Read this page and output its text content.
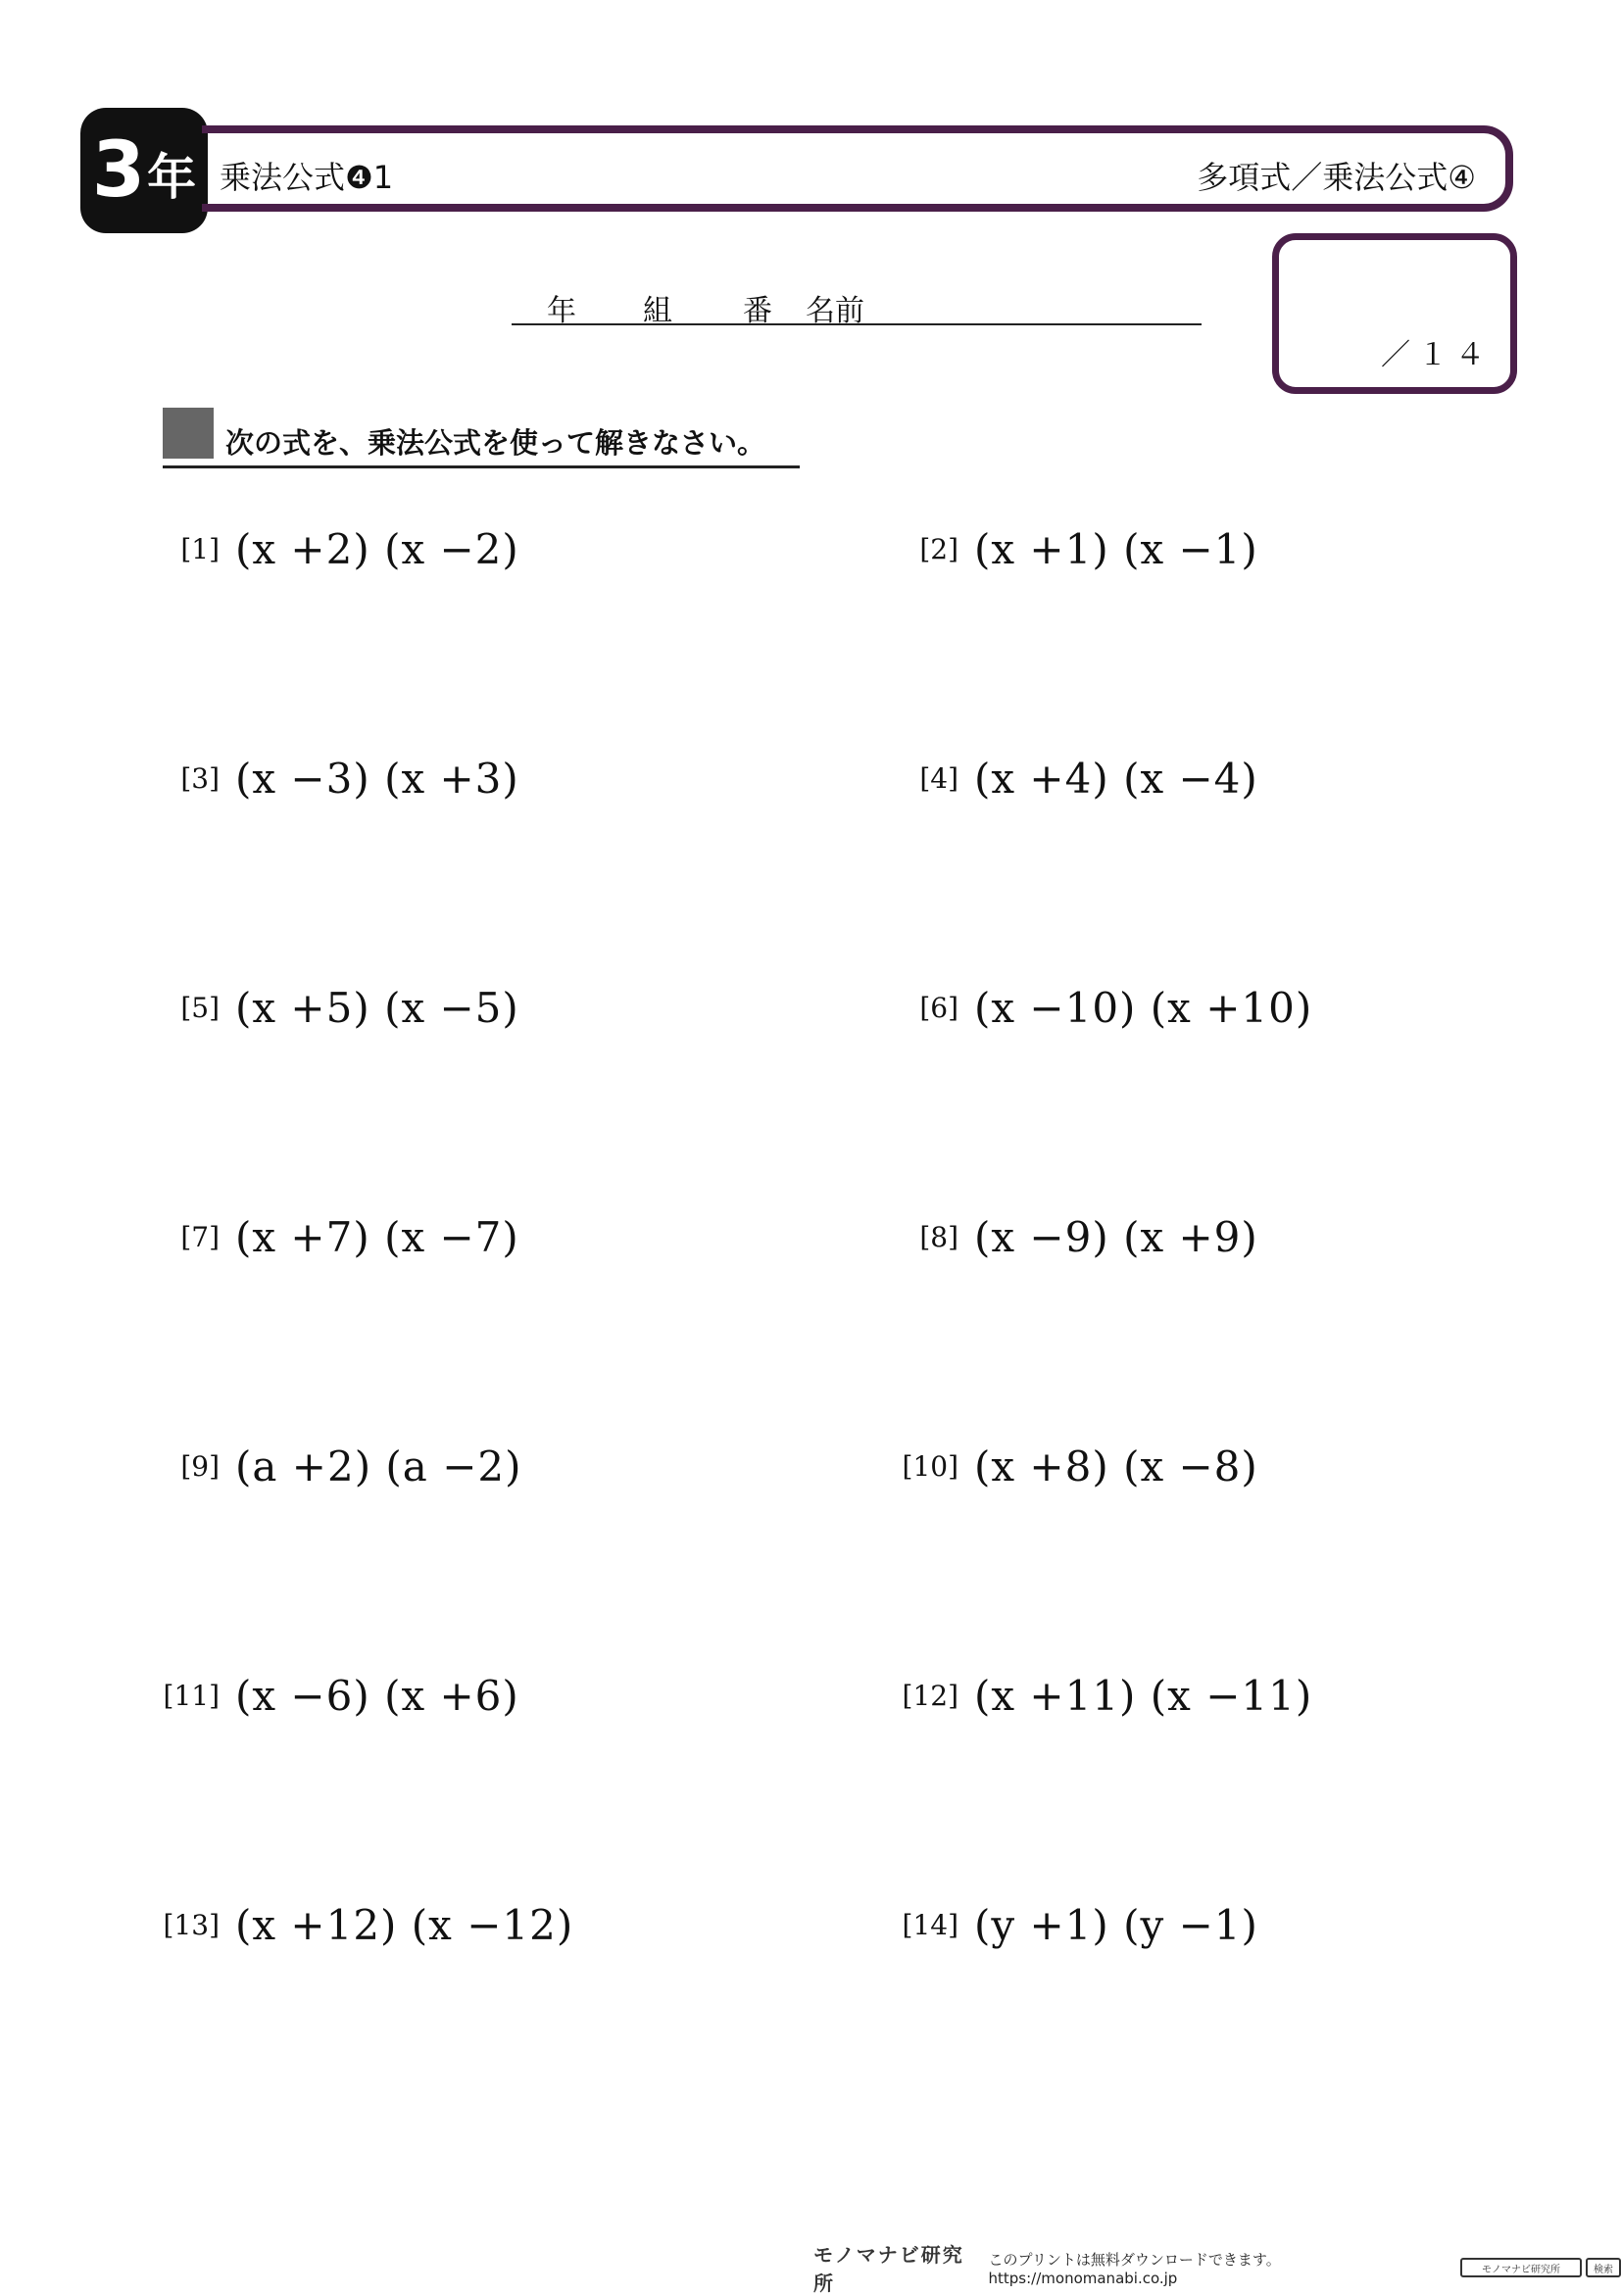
3 年 乗法公式❹1	多項式／乗法公式④
年 組 番 名前
／１４
次の式を、乗法公式を使って解きなさい。
[1] (x +2) (x −2)	[2] (x +1) (x −1)
[3] (x −3) (x +3)	[4] (x +4) (x −4)
[5] (x +5) (x −5)	[6] (x −10) (x +10)
[7] (x +7) (x −7)	[8] (x −9) (x +9)
[9] (a +2) (a −2)	[10] (x +8) (x −8)
[11] (x −6) (x +6)	[12] (x +11) (x −11)
[13] (x +12) (x −12)	[14] (y +1) (y −1)
モノマナビ研究所
このプリントは無料ダウンロードできます。https://monomanabi.co.jp	モノマナビ研究所	検索
